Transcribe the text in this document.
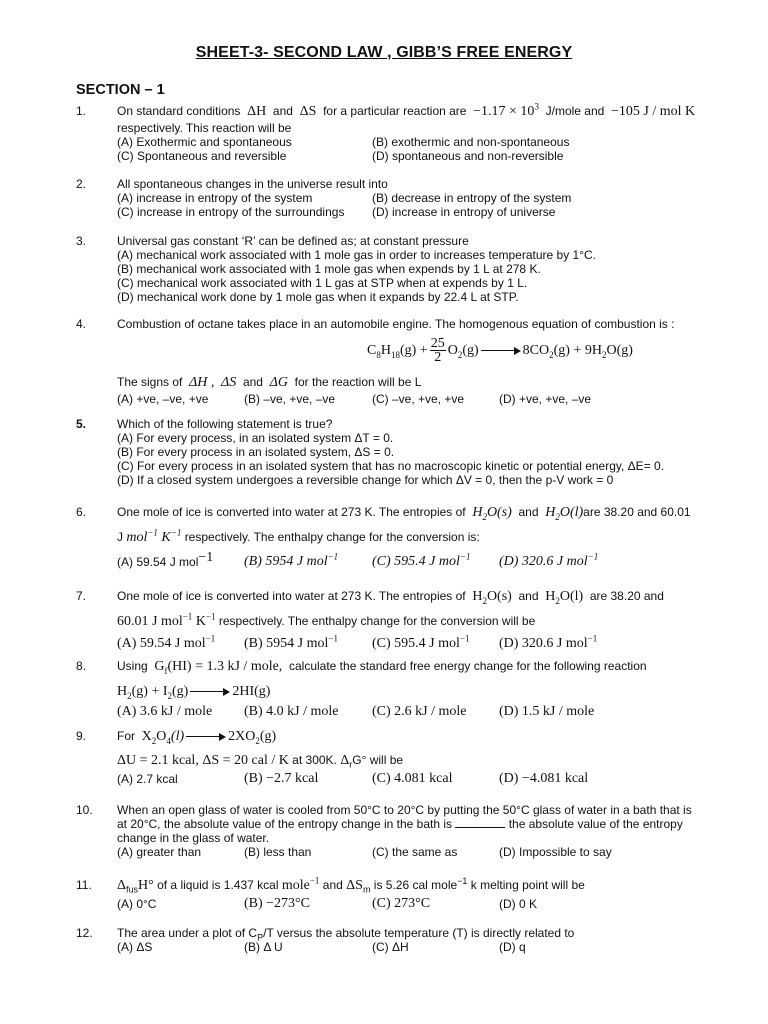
SHEET-3- SECOND LAW , GIBB’S FREE ENERGY
SECTION – 1
1.	On standard conditions ΔH and ΔS for a particular reaction are $-1.17 \times 10^3$ J/mole and −105 J / mol K
respectively. This reaction will be
(A) Exothermic and spontaneous	(B) exothermic and non-spontaneous
(C) Spontaneous and reversible	(D) spontaneous and non-reversible
2.	All spontaneous changes in the universe result into
(A) increase in entropy of the system	(B) decrease in entropy of the system
(C) increase in entropy of the surroundings (D) increase in entropy of universe
3.	Universal gas constant ‘R’ can be defined as; at constant pressure
(A) mechanical work associated with 1 mole gas in order to increases temperature by 1°C.
(B) mechanical work associated with 1 mole gas when expends by 1 L at 278 K.
(C) mechanical work associated with 1 L gas at STP when at expends by 1 L.
(D) mechanical work done by 1 mole gas when it expands by 22.4 L at STP.
4.	Combustion of octane takes place in an automobile engine. The homogenous equation of combustion is :
$C_8H_{18}(g) + \frac{25}{2} O_2(g)$	$8CO_2(g) + 9H_2O(g)$
The signs of ΔH , ΔS and ΔG for the reaction will be L
(A) +ve, –ve, +ve	(B) –ve, +ve, –ve	(C) –ve, +ve, +ve	(D) +ve, +ve, –ve
5.	Which of the following statement is true?
(A) For every process, in an isolated system ΔT = 0.
(B) For every process in an isolated system, ΔS = 0.
(C) For every process in an isolated system that has no macroscopic kinetic or potential energy, ΔE= 0.
(D) If a closed system undergoes a reversible change for which ΔV = 0, then the p-V work = 0
6.	One mole of ice is converted into water at 273 K. The entropies of $H_2O(s)$ and $H_2O(l)are$ 38.20 and 60.01
J mol$^{-1}$ $K^{-1}$ respectively. The enthalpy change for the conversion is:
(A) 59.54 J mol$^{-1}$ (B) 5954 J mol$^{-1}$ (C) 595.4 J mol$^{-1}$ (D) 320.6 J mol$^{-1}$
7.	One mole of ice is converted into water at 273 K. The entropies of $H_2O(s)$ and $H_2O(l)$ are 38.20 and
60.01 J mol$^{-1}$ $K^{-1}$ respectively. The enthalpy change for the conversion will be
(A) 59.54 J mol$^{-1}$ (B) 5954 J mol$^{-1}$ (C) 595.4 J mol$^{-1}$ (D) 320.6 J mol$^{-1}$
8.	Using $G_f(HI) = 1.3$ kJ / mole, calculate the standard free energy change for the following reaction
$H_2(g) + I_2(g)$	2HI(g)
(A) 3.6 kJ / mole (B) 4.0 kJ / mole (C) 2.6 kJ / mole (D) 1.5 kJ / mole
9.	For $X_2O_4(l)$	$2XO_2(g)$
ΔU = 2.1 kcal, ΔS = 20 cal / K at 300K. $\Delta_rG^\circ$ will be
(A) 2.7 kcal	(B) −2.7 kcal	(C) 4.081 kcal	(D) −4.081 kcal
10.	When an open glass of water is cooled from 50°C to 20°C by putting the 50°C glass of water in a bath that is
at 20°C, the absolute value of the entropy change in the bath is	the absolute value of the entropy
change in the glass of water.
(A) greater than	(B) less than	(C) the same as	(D) Impossible to say
11.	$\Delta_{fus}H^\circ$ of a liquid is 1.437 kcal mole$^{-1}$ and $\Delta S_m$ is 5.26 cal mole$^{-1}$ k melting point will be
(A) 0°C	(B) −273°C	(C) 273°C	(D) 0 K
12.	The area under a plot of $C_P/T$ versus the absolute temperature (T) is directly related to
(A) ΔS	(B) Δ U	(C) ΔH	(D) q
